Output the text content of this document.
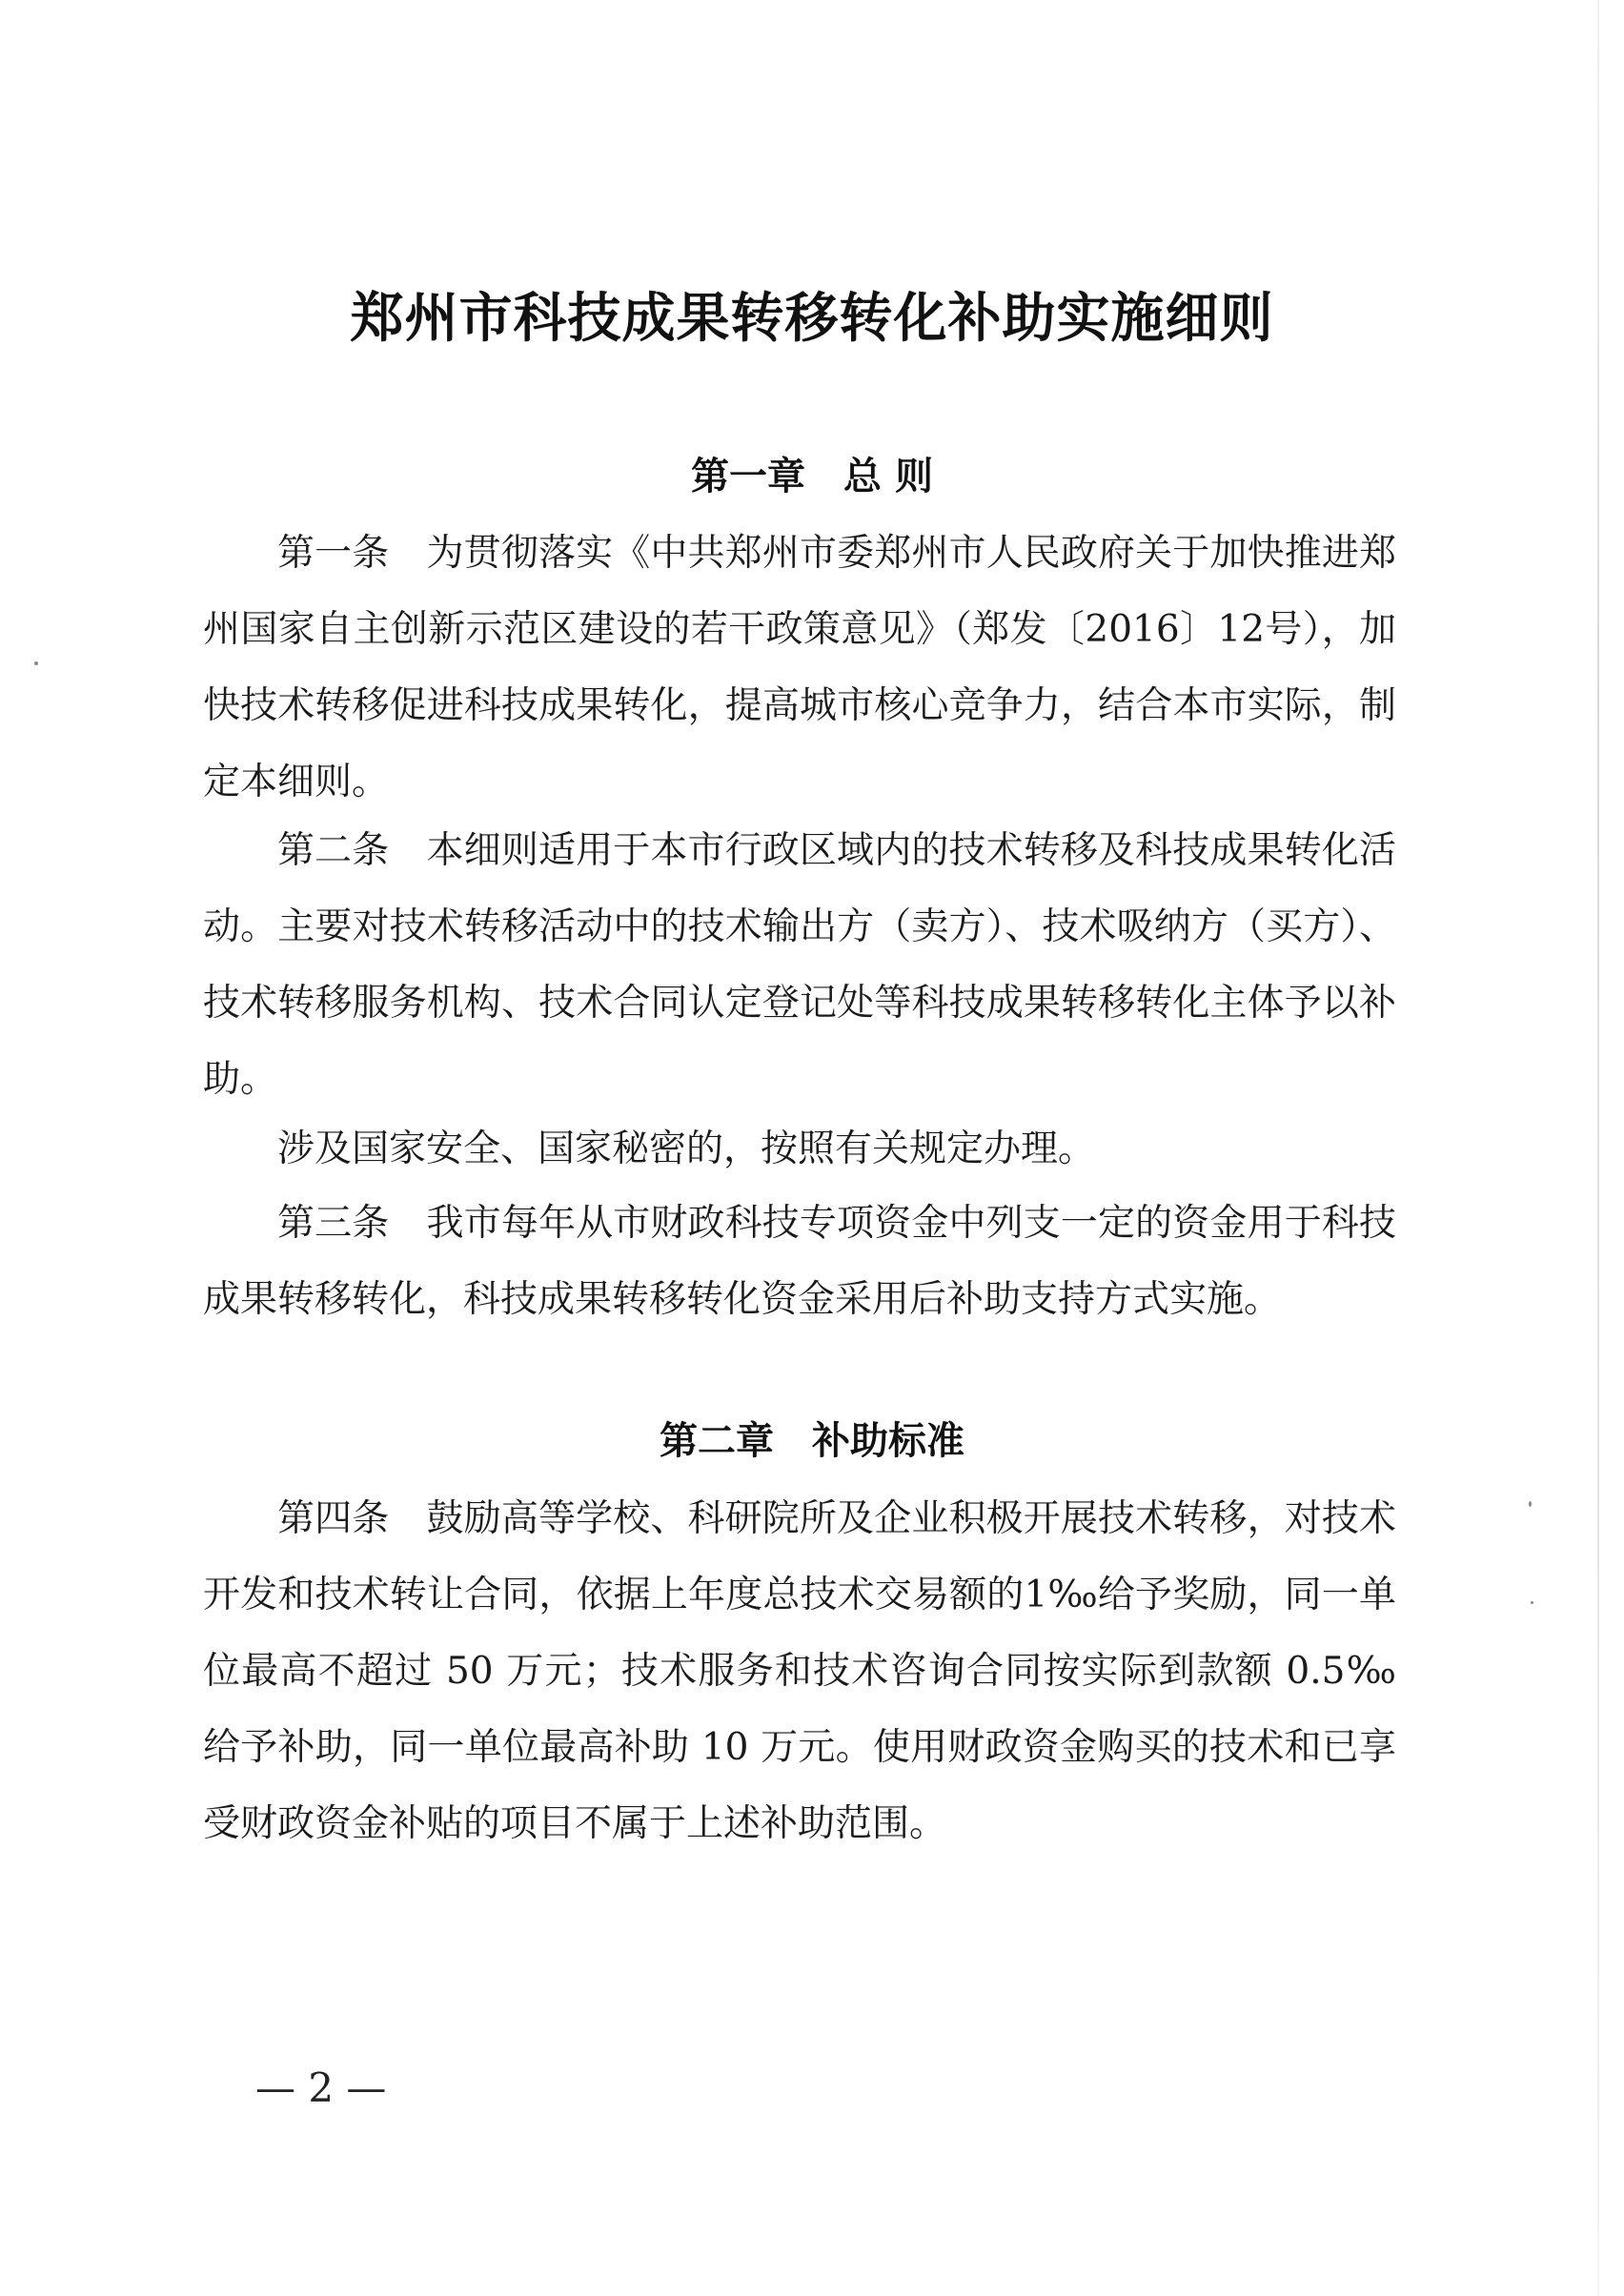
郑州市科技成果转移转化补助实施细则
第一章　总 则

第一条　为贯彻落实《中共郑州市委郑州市人民政府关于加快推进郑州国家自主创新示范区建设的若干政策意见》（郑发〔2016〕12号），加快技术转移促进科技成果转化，提高城市核心竞争力，结合本市实际，制定本细则。

第二条　本细则适用于本市行政区域内的技术转移及科技成果转化活动。主要对技术转移活动中的技术输出方（卖方）、技术吸纳方（买方）、技术转移服务机构、技术合同认定登记处等科技成果转移转化主体予以补助。

涉及国家安全、国家秘密的，按照有关规定办理。

第三条　我市每年从市财政科技专项资金中列支一定的资金用于科技成果转移转化，科技成果转移转化资金采用后补助支持方式实施。

第二章　补助标准

第四条　鼓励高等学校、科研院所及企业积极开展技术转移，对技术开发和技术转让合同，依据上年度总技术交易额的1‰给予奖励，同一单位最高不超过 50 万元；技术服务和技术咨询合同按实际到款额 0.5‰给予补助，同一单位最高补助 10 万元。使用财政资金购买的技术和已享受财政资金补贴的项目不属于上述补助范围。

— 2 —
